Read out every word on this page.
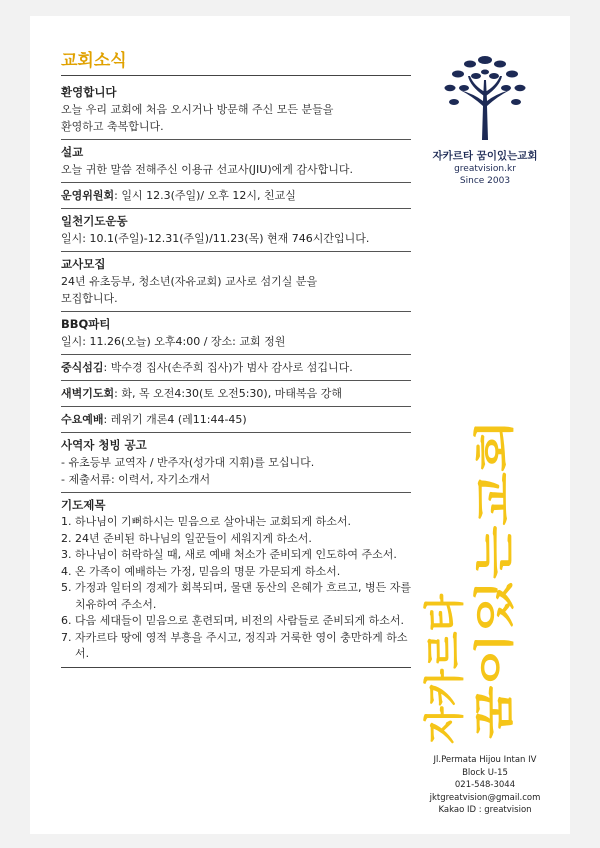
교회소식
환영합니다
오늘 우리 교회에 처음 오시거나 방문해 주신 모든 분들을
환영하고 축복합니다.
설교
오늘 귀한 말씀 전해주신 이용규 선교사(JIU)에게 감사합니다.
운영위원회: 일시 12.3(주일)/ 오후 12시, 친교실
일천기도운동
일시: 10.1(주일)-12.31(주일)/11.23(목) 현재 746시간입니다.
교사모집
24년 유초등부, 청소년(자유교회) 교사로 섬기실 분을
모집합니다.
BBQ파티
일시: 11.26(오늘) 오후4:00 / 장소: 교회 정원
중식섬김: 박수경 집사(손주희 집사)가 범사 감사로 섬깁니다.
새벽기도회: 화, 목 오전4:30(토 오전5:30), 마태복음 강해
수요예배: 레위기 개론4 (레11:44-45)
사역자 청빙 공고
- 유초등부 교역자 / 반주자(성가대 지휘)를 모십니다.
- 제출서류: 이력서, 자기소개서
기도제목
1. 하나님이 기뻐하시는 믿음으로 살아내는 교회되게 하소서.
2. 24년 준비된 하나님의 일꾼들이 세워지게 하소서.
3. 하나님이 허락하실 때, 새로 예배 처소가 준비되게 인도하여 주소서.
4. 온 가족이 예배하는 가정, 믿음의 명문 가문되게 하소서.
5. 가정과 일터의 경제가 회복되며, 물댄 동산의 은혜가 흐르고, 병든 자를 치유하여 주소서.
6. 다음 세대들이 믿음으로 훈련되며, 비전의 사람들로 준비되게 하소서.
7. 자카르타 땅에 영적 부흥을 주시고, 정직과 거룩한 영이 충만하게 하소서.
자카르타 꿈이있는교회
greatvision.kr
Since 2003
자카르타 꿈이있는교회
Jl.Permata Hijou Intan IV
Block U-15
021-548-3044
jktgreatvision@gmail.com
Kakao ID : greatvision
